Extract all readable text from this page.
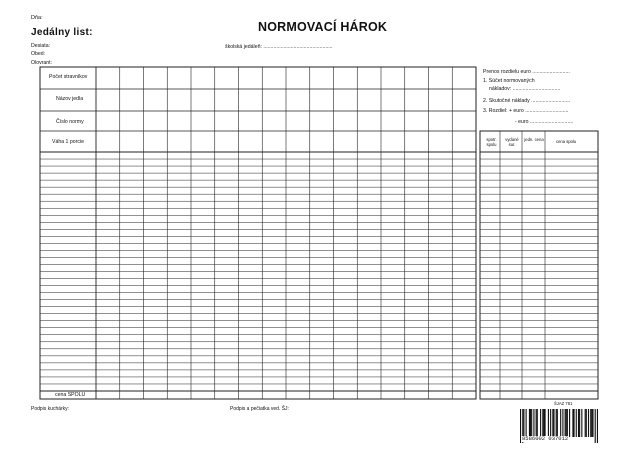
Dňa:
NORMOVACÍ HÁROK
Jedálny list:
Desiata:
Obed:
Olovrant:
školská jedáleň: ................................................
Počet stravníkov
Názov jedla
Číslo normy
Váha 1 porcie
cena SPOLU
Prenos rozdielu euro ..........................
1. Súčet normovaných
nákladov: .................................
2. Skutočné náklady ...........................
3. Rozdiel: + euro ..............................
- euro ..............................
spotr. spolu
vydané sur.
jedn. cena	cena spolu
Podpis kuchárky:	Podpis a pečiatka ved. ŠJ:
ŠJAZ 781
8586002 037012
